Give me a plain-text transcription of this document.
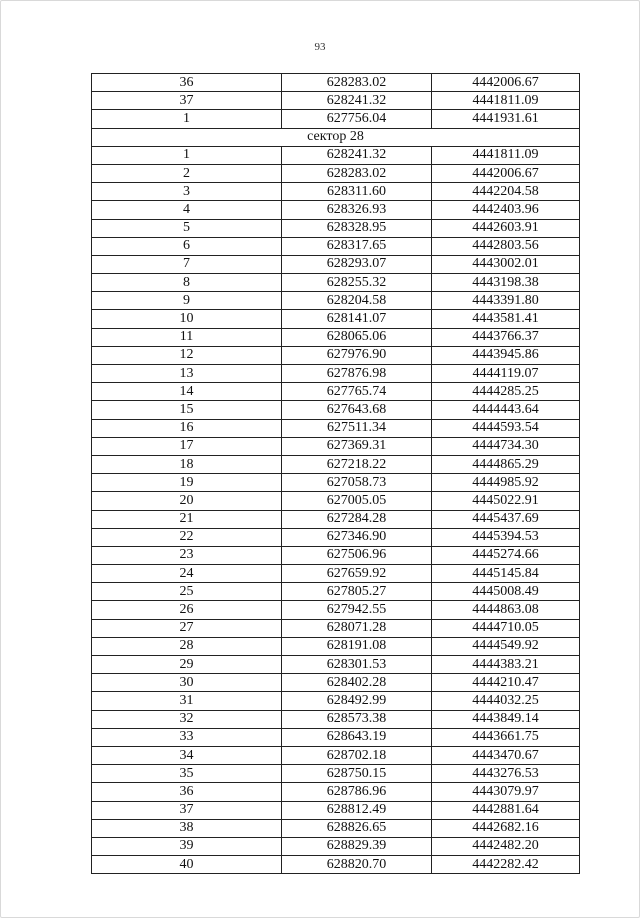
93
36	628283.02	4442006.67
37	628241.32	4441811.09
1	627756.04	4441931.61
сектор 28		
1	628241.32	4441811.09
2	628283.02	4442006.67
3	628311.60	4442204.58
4	628326.93	4442403.96
5	628328.95	4442603.91
6	628317.65	4442803.56
7	628293.07	4443002.01
8	628255.32	4443198.38
9	628204.58	4443391.80
10	628141.07	4443581.41
11	628065.06	4443766.37
12	627976.90	4443945.86
13	627876.98	4444119.07
14	627765.74	4444285.25
15	627643.68	4444443.64
16	627511.34	4444593.54
17	627369.31	4444734.30
18	627218.22	4444865.29
19	627058.73	4444985.92
20	627005.05	4445022.91
21	627284.28	4445437.69
22	627346.90	4445394.53
23	627506.96	4445274.66
24	627659.92	4445145.84
25	627805.27	4445008.49
26	627942.55	4444863.08
27	628071.28	4444710.05
28	628191.08	4444549.92
29	628301.53	4444383.21
30	628402.28	4444210.47
31	628492.99	4444032.25
32	628573.38	4443849.14
33	628643.19	4443661.75
34	628702.18	4443470.67
35	628750.15	4443276.53
36	628786.96	4443079.97
37	628812.49	4442881.64
38	628826.65	4442682.16
39	628829.39	4442482.20
40	628820.70	4442282.42
